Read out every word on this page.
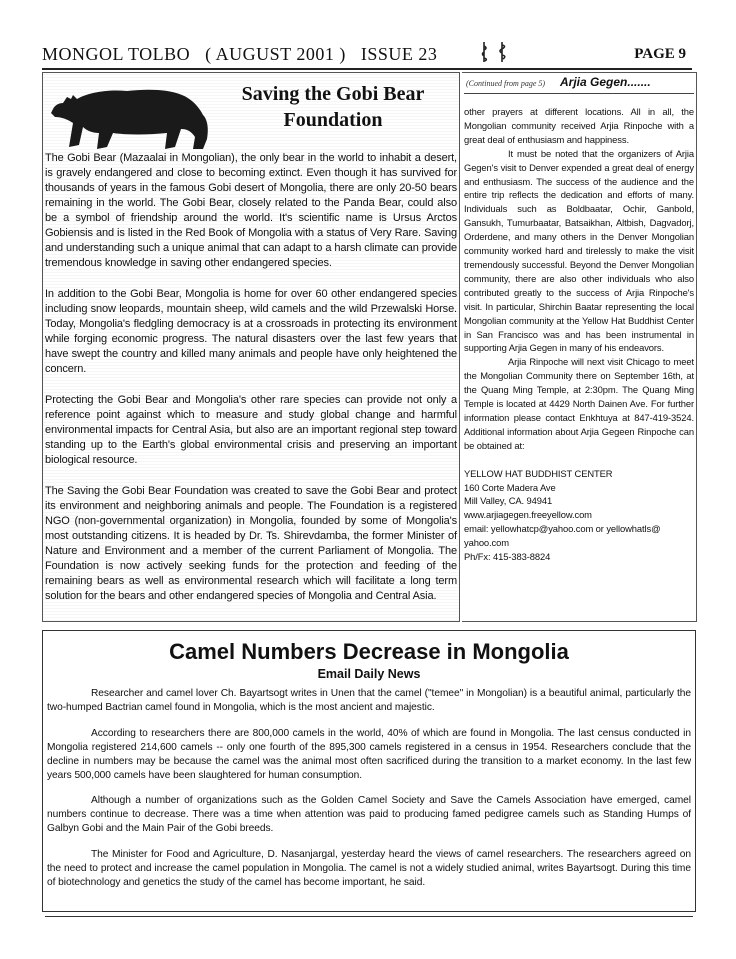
MONGOL TOLBO   ( AUGUST 2001 )   ISSUE 23	PAGE 9
Saving the Gobi Bear Foundation

The Gobi Bear (Mazaalai in Mongolian), the only bear in the world to inhabit a desert, is gravely endangered and close to becoming extinct. Even though it has survived for thousands of years in the famous Gobi desert of Mongolia, there are only 20-50 bears remaining in the world. The Gobi Bear, closely related to the Panda Bear, could also be a symbol of friendship around the world. It's scientific name is Ursus Arctos Gobiensis and is listed in the Red Book of Mongolia with a status of Very Rare. Saving and understanding such a unique animal that can adapt to a harsh climate can provide tremendous knowledge in saving other endangered species.

In addition to the Gobi Bear, Mongolia is home for over 60 other endangered species including snow leopards, mountain sheep, wild camels and the wild Przewalski Horse. Today, Mongolia's fledgling democracy is at a crossroads in protecting its environment while forging economic progress. The natural disasters over the last few years that have swept the country and killed many animals and people have only heightened the concern.

Protecting the Gobi Bear and Mongolia's other rare species can provide not only a reference point against which to measure and study global change and harmful environmental impacts for Central Asia, but also are an important regional step toward standing up to the Earth's global environmental crisis and preserving an important biological resource.

The Saving the Gobi Bear Foundation was created to save the Gobi Bear and protect its environment and neighboring animals and people. The Foundation is a registered NGO (non-governmental organization) in Mongolia, founded by some of Mongolia's most outstanding citizens. It is headed by Dr. Ts. Shirevdamba, the former Minister of Nature and Environment and a member of the current Parliament of Mongolia. The Foundation is now actively seeking funds for the protection and feeding of the remaining bears as well as environmental research which will facilitate a long term solution for the bears and other endangered species of Mongolia and Central Asia.

(Continued from page 5) Arjia Gegen.......

other prayers at different locations. All in all, the Mongolian community received Arjia Rinpoche with a great deal of enthusiasm and happiness.

It must be noted that the organizers of Arjia Gegen's visit to Denver expended a great deal of energy and enthusiasm. The success of the audience and the entire trip reflects the dedication and efforts of many. Individuals such as Boldbaatar, Ochir, Ganbold, Gansukh, Tumurbaatar, Batsaikhan, Altbish, Dagvadorj, Orderdene, and many others in the Denver Mongolian community worked hard and tirelessly to make the visit tremendously successful. Beyond the Denver Mongolian community, there are also other individuals who also contributed greatly to the success of Arjia Rinpoche's visit. In particular, Shirchin Baatar representing the local Mongolian community at the Yellow Hat Buddhist Center in San Francisco was and has been instrumental in supporting Arjia Gegen in many of his endeavors.

Arjia Rinpoche will next visit Chicago to meet the Mongolian Community there on September 16th, at the Quang Ming Temple, at 2:30pm. The Quang Ming Temple is located at 4429 North Dainen Ave. For further information please contact Enkhtuya at 847-419-3524. Additional information about Arjia Gegeen Rinpoche can be obtained at:

YELLOW HAT BUDDHIST CENTER
160 Corte Madera Ave
Mill Valley, CA. 94941
www.arjiagegen.freeyellow.com
email: yellowhatcp@yahoo.com or yellowhatls@
yahoo.com
Ph/Fx: 415-383-8824
Camel Numbers Decrease in Mongolia
Email Daily News

Researcher and camel lover Ch. Bayartsogt writes in Unen that the camel ("temee" in Mongolian) is a beautiful animal, particularly the two-humped Bactrian camel found in Mongolia, which is the most ancient and majestic.

According to researchers there are 800,000 camels in the world, 40% of which are found in Mongolia. The last census conducted in Mongolia registered 214,600 camels -- only one fourth of the 895,300 camels registered in a census in 1954. Researchers conclude that the decline in numbers may be because the camel was the animal most often sacrificed during the transition to a market economy. In the last few years 500,000 camels have been slaughtered for human consumption.

Although a number of organizations such as the Golden Camel Society and Save the Camels Association have emerged, camel numbers continue to decrease. There was a time when attention was paid to producing famed pedigree camels such as Standing Humps of Galbyn Gobi and the Main Pair of the Gobi breeds.

The Minister for Food and Agriculture, D. Nasanjargal, yesterday heard the views of camel researchers. The researchers agreed on the need to protect and increase the camel population in Mongolia. The camel is not a widely studied animal, writes Bayartsogt. During this time of biotechnology and genetics the study of the camel has become important, he said.
